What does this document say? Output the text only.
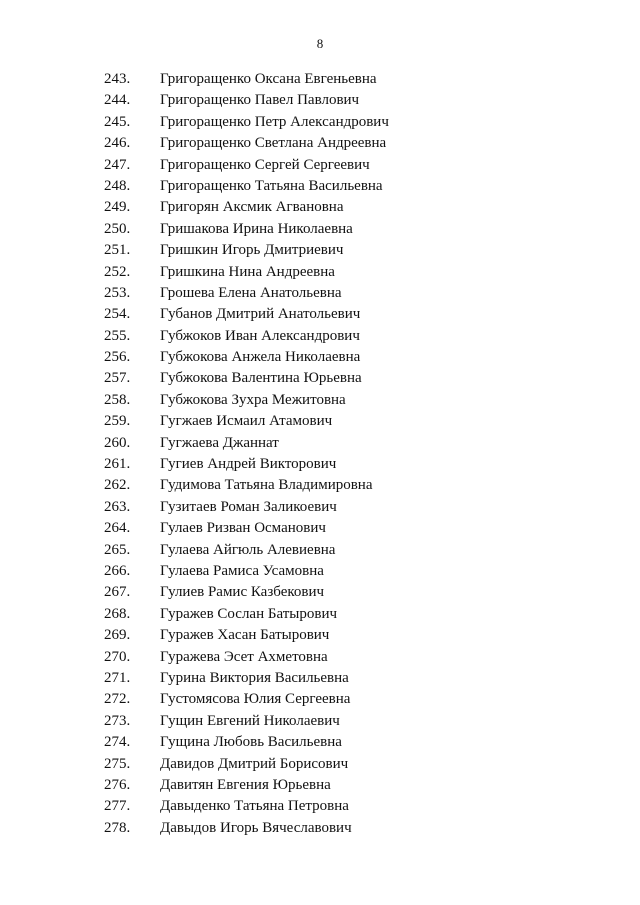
8
243. Григоращенко Оксана Евгеньевна
244. Григоращенко Павел Павлович
245. Григоращенко Петр Александрович
246. Григоращенко Светлана Андреевна
247. Григоращенко Сергей Сергеевич
248. Григоращенко Татьяна Васильевна
249. Григорян Аксмик Агвановна
250. Гришакова Ирина Николаевна
251. Гришкин Игорь Дмитриевич
252. Гришкина Нина Андреевна
253. Грошева Елена Анатольевна
254. Губанов Дмитрий Анатольевич
255. Губжоков Иван Александрович
256. Губжокова Анжела Николаевна
257. Губжокова Валентина Юрьевна
258. Губжокова Зухра Межитовна
259. Гугжаев Исмаил Атамович
260. Гугжаева Джаннат
261. Гугиев Андрей Викторович
262. Гудимова Татьяна Владимировна
263. Гузитаев Роман Заликоевич
264. Гулаев Ризван Османович
265. Гулаева Айгюль Алевиевна
266. Гулаева Рамиса Усамовна
267. Гулиев Рамис Казбекович
268. Гуражев Сослан Батырович
269. Гуражев Хасан Батырович
270. Гуражева Эсет Ахметовна
271. Гурина Виктория Васильевна
272. Густомясова Юлия Сергеевна
273. Гущин Евгений Николаевич
274. Гущина Любовь Васильевна
275. Давидов Дмитрий Борисович
276. Давитян Евгения Юрьевна
277. Давыденко Татьяна Петровна
278. Давыдов Игорь Вячеславович
